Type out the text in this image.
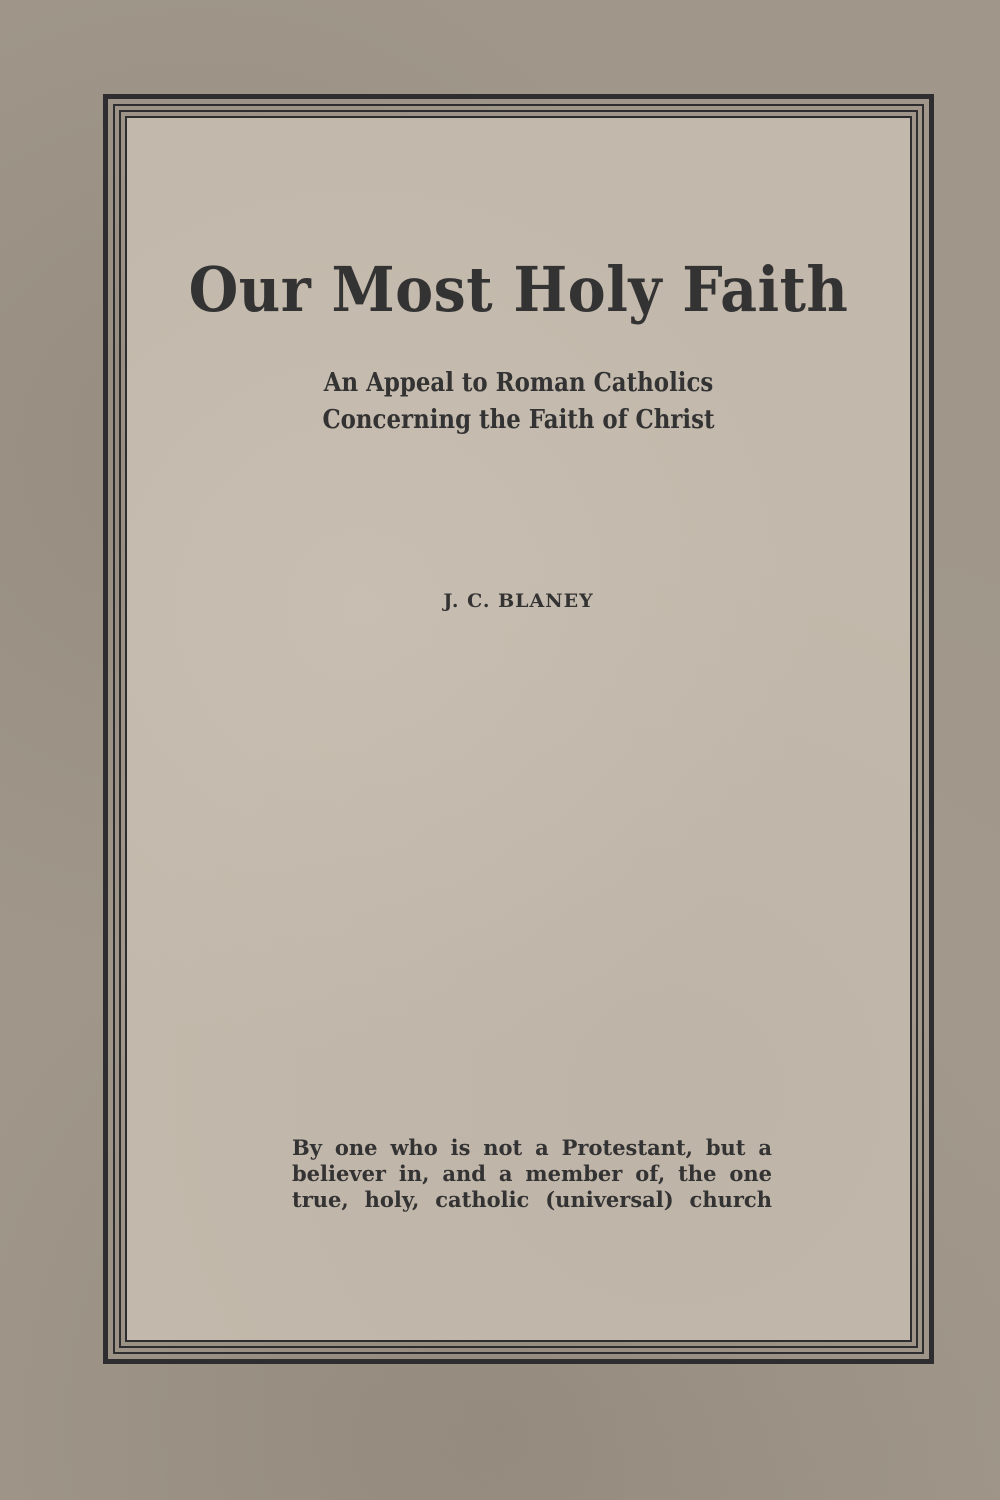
Our Most Holy Faith
An Appeal to Roman Catholics
Concerning the Faith of Christ
J. C. BLANEY
By one who is not a Protestant, but a
believer in, and a member of, the one
true, holy, catholic (universal) church
